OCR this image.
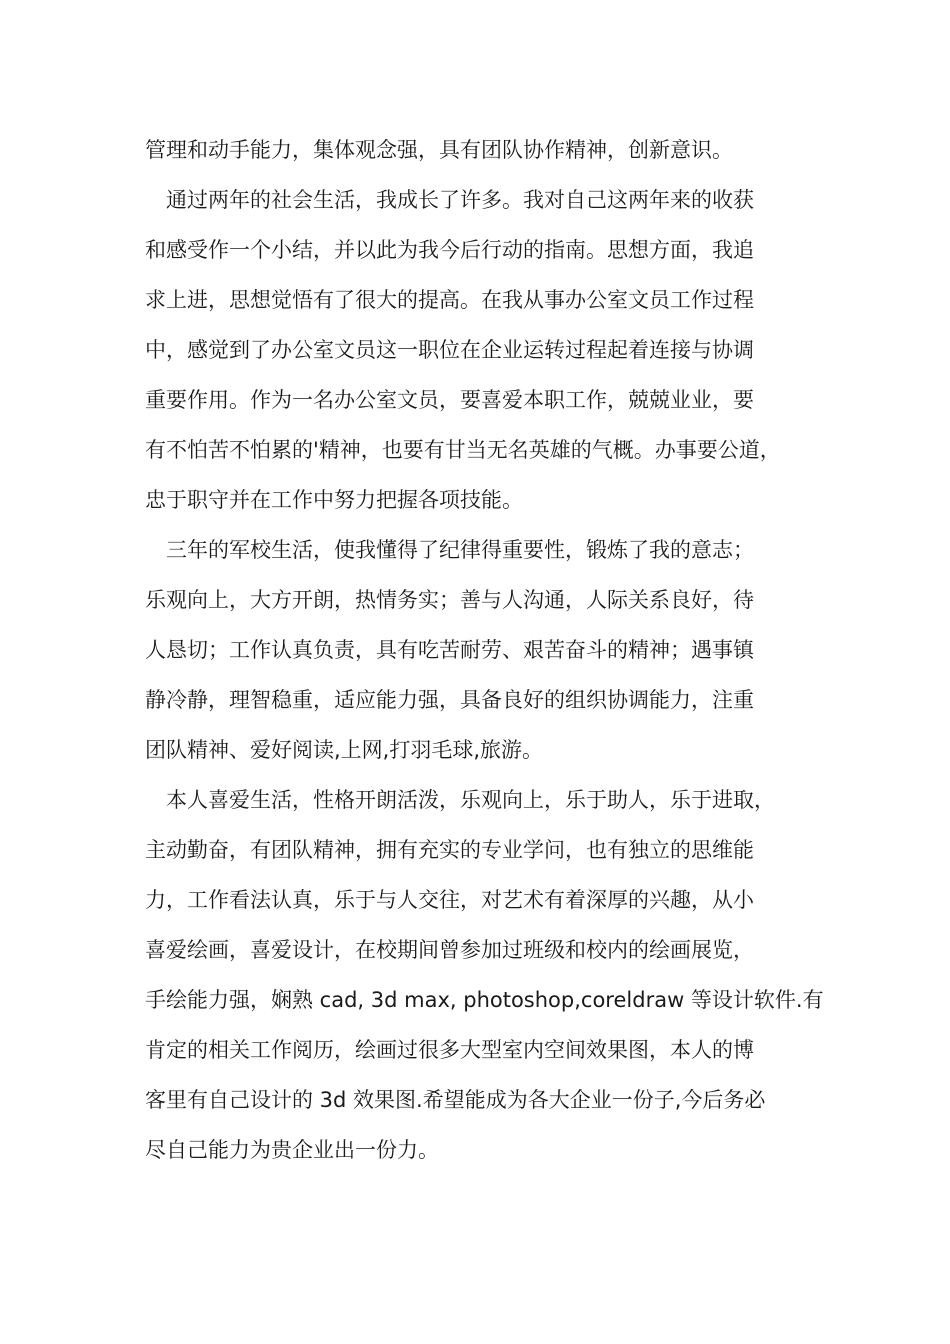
管理和动手能力，集体观念强，具有团队协作精神，创新意识。
通过两年的社会生活，我成长了许多。我对自己这两年来的收获
和感受作一个小结，并以此为我今后行动的指南。思想方面，我追
求上进，思想觉悟有了很大的提高。在我从事办公室文员工作过程
中，感觉到了办公室文员这一职位在企业运转过程起着连接与协调
重要作用。作为一名办公室文员，要喜爱本职工作，兢兢业业，要
有不怕苦不怕累的'精神，也要有甘当无名英雄的气概。办事要公道，
忠于职守并在工作中努力把握各项技能。
三年的军校生活，使我懂得了纪律得重要性，锻炼了我的意志；
乐观向上，大方开朗，热情务实；善与人沟通，人际关系良好，待
人恳切；工作认真负责，具有吃苦耐劳、艰苦奋斗的精神；遇事镇
静冷静，理智稳重，适应能力强，具备良好的组织协调能力，注重
团队精神、爱好阅读,上网,打羽毛球,旅游。
本人喜爱生活，性格开朗活泼，乐观向上，乐于助人，乐于进取，
主动勤奋，有团队精神，拥有充实的专业学问，也有独立的思维能
力，工作看法认真，乐于与人交往，对艺术有着深厚的兴趣，从小
喜爱绘画，喜爱设计，在校期间曾参加过班级和校内的绘画展览，
手绘能力强，娴熟 cad, 3d max, photoshop,coreldraw 等设计软件.有
肯定的相关工作阅历，绘画过很多大型室内空间效果图，本人的博
客里有自己设计的 3d 效果图.希望能成为各大企业一份子,今后务必
尽自己能力为贵企业出一份力。
